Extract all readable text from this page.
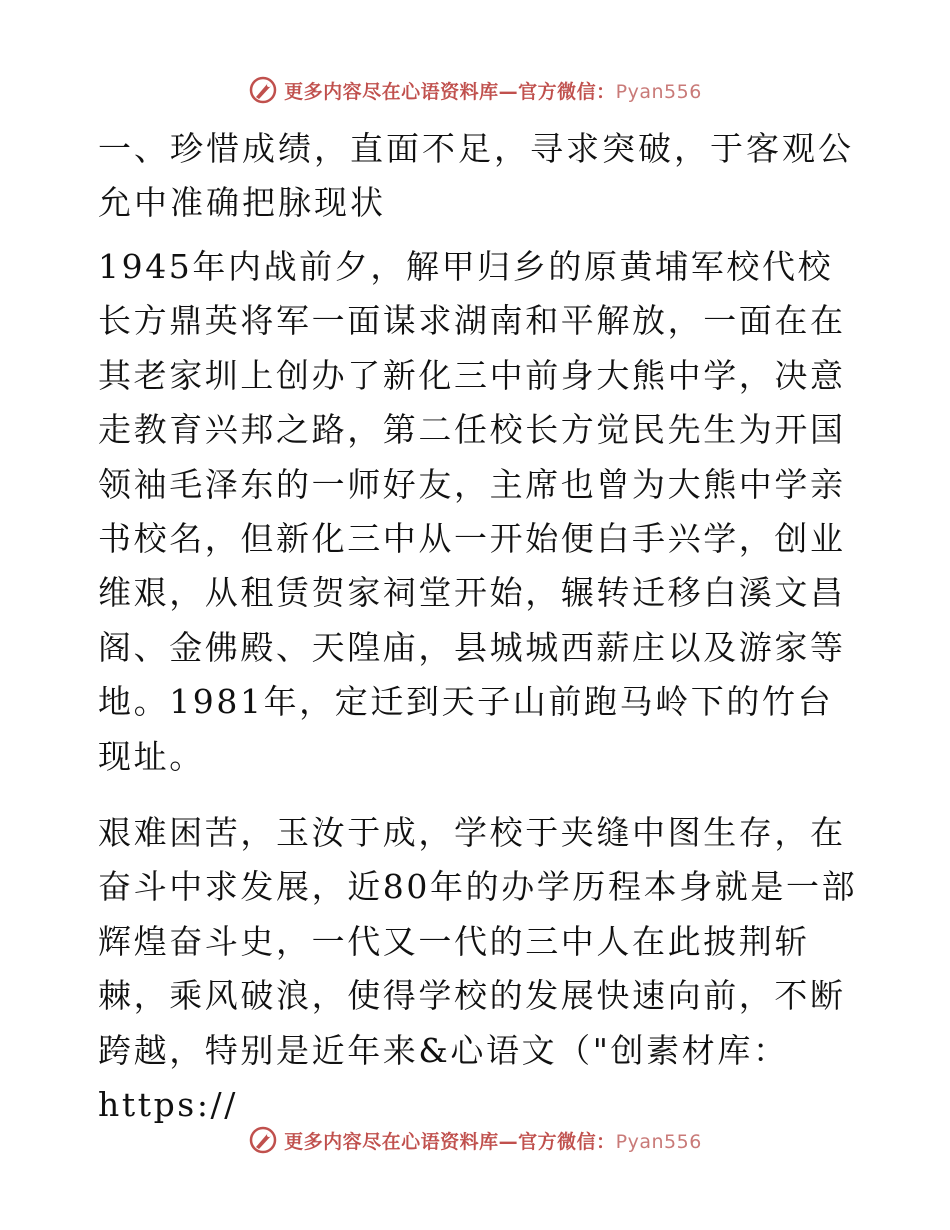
更多内容尽在心语资料库—官方微信：Pyan556

一、珍惜成绩，直面不足，寻求突破，于客观公允中准确把脉现状

1945年内战前夕，解甲归乡的原黄埔军校代校长方鼎英将军一面谋求湖南和平解放，一面在在其老家圳上创办了新化三中前身大熊中学，决意走教育兴邦之路，第二任校长方觉民先生为开国领袖毛泽东的一师好友，主席也曾为大熊中学亲书校名，但新化三中从一开始便白手兴学，创业维艰，从租赁贺家祠堂开始，辗转迁移白溪文昌阁、金佛殿、天隍庙，县城城西薪庄以及游家等地。1981年，定迁到天子山前跑马岭下的竹台现址。

艰难困苦，玉汝于成，学校于夹缝中图生存，在奋斗中求发展，近80年的办学历程本身就是一部辉煌奋斗史，一代又一代的三中人在此披荆斩棘，乘风破浪，使得学校的发展快速向前，不断跨越，特别是近年来&心语文（"创素材库：https://

更多内容尽在心语资料库—官方微信：Pyan556
